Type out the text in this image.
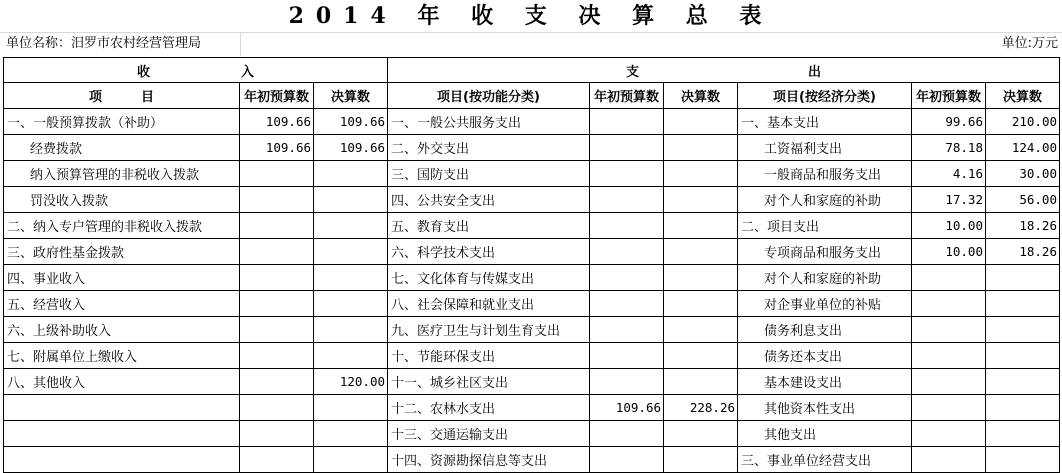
2014 年 收 支 决 算 总 表
单位名称：汨罗市农村经营管理局	单位:万元
收　　　　　　　入			支　　　　　　　　　　　　　出					
项　　　目	年初预算数	决算数	项目(按功能分类)	年初预算数	决算数	项目(按经济分类)	年初预算数	决算数
一、一般预算拨款（补助）	109.66	109.66	一、一般公共服务支出			一、基本支出	99.66	210.00
经费拨款	109.66	109.66	二、外交支出			工资福利支出	78.18	124.00
纳入预算管理的非税收入拨款			三、国防支出			一般商品和服务支出	4.16	30.00
罚没收入拨款			四、公共安全支出			对个人和家庭的补助	17.32	56.00
二、纳入专户管理的非税收入拨款			五、教育支出			二、项目支出	10.00	18.26
三、政府性基金拨款			六、科学技术支出			专项商品和服务支出	10.00	18.26
四、事业收入			七、文化体育与传媒支出			对个人和家庭的补助		
五、经营收入			八、社会保障和就业支出			对企事业单位的补贴		
六、上级补助收入			九、医疗卫生与计划生育支出			债务利息支出		
七、附属单位上缴收入			十、节能环保支出			债务还本支出		
八、其他收入		120.00	十一、城乡社区支出			基本建设支出		
			十二、农林水支出	109.66	228.26	其他资本性支出		
			十三、交通运输支出			其他支出		
			十四、资源勘探信息等支出			三、事业单位经营支出		
